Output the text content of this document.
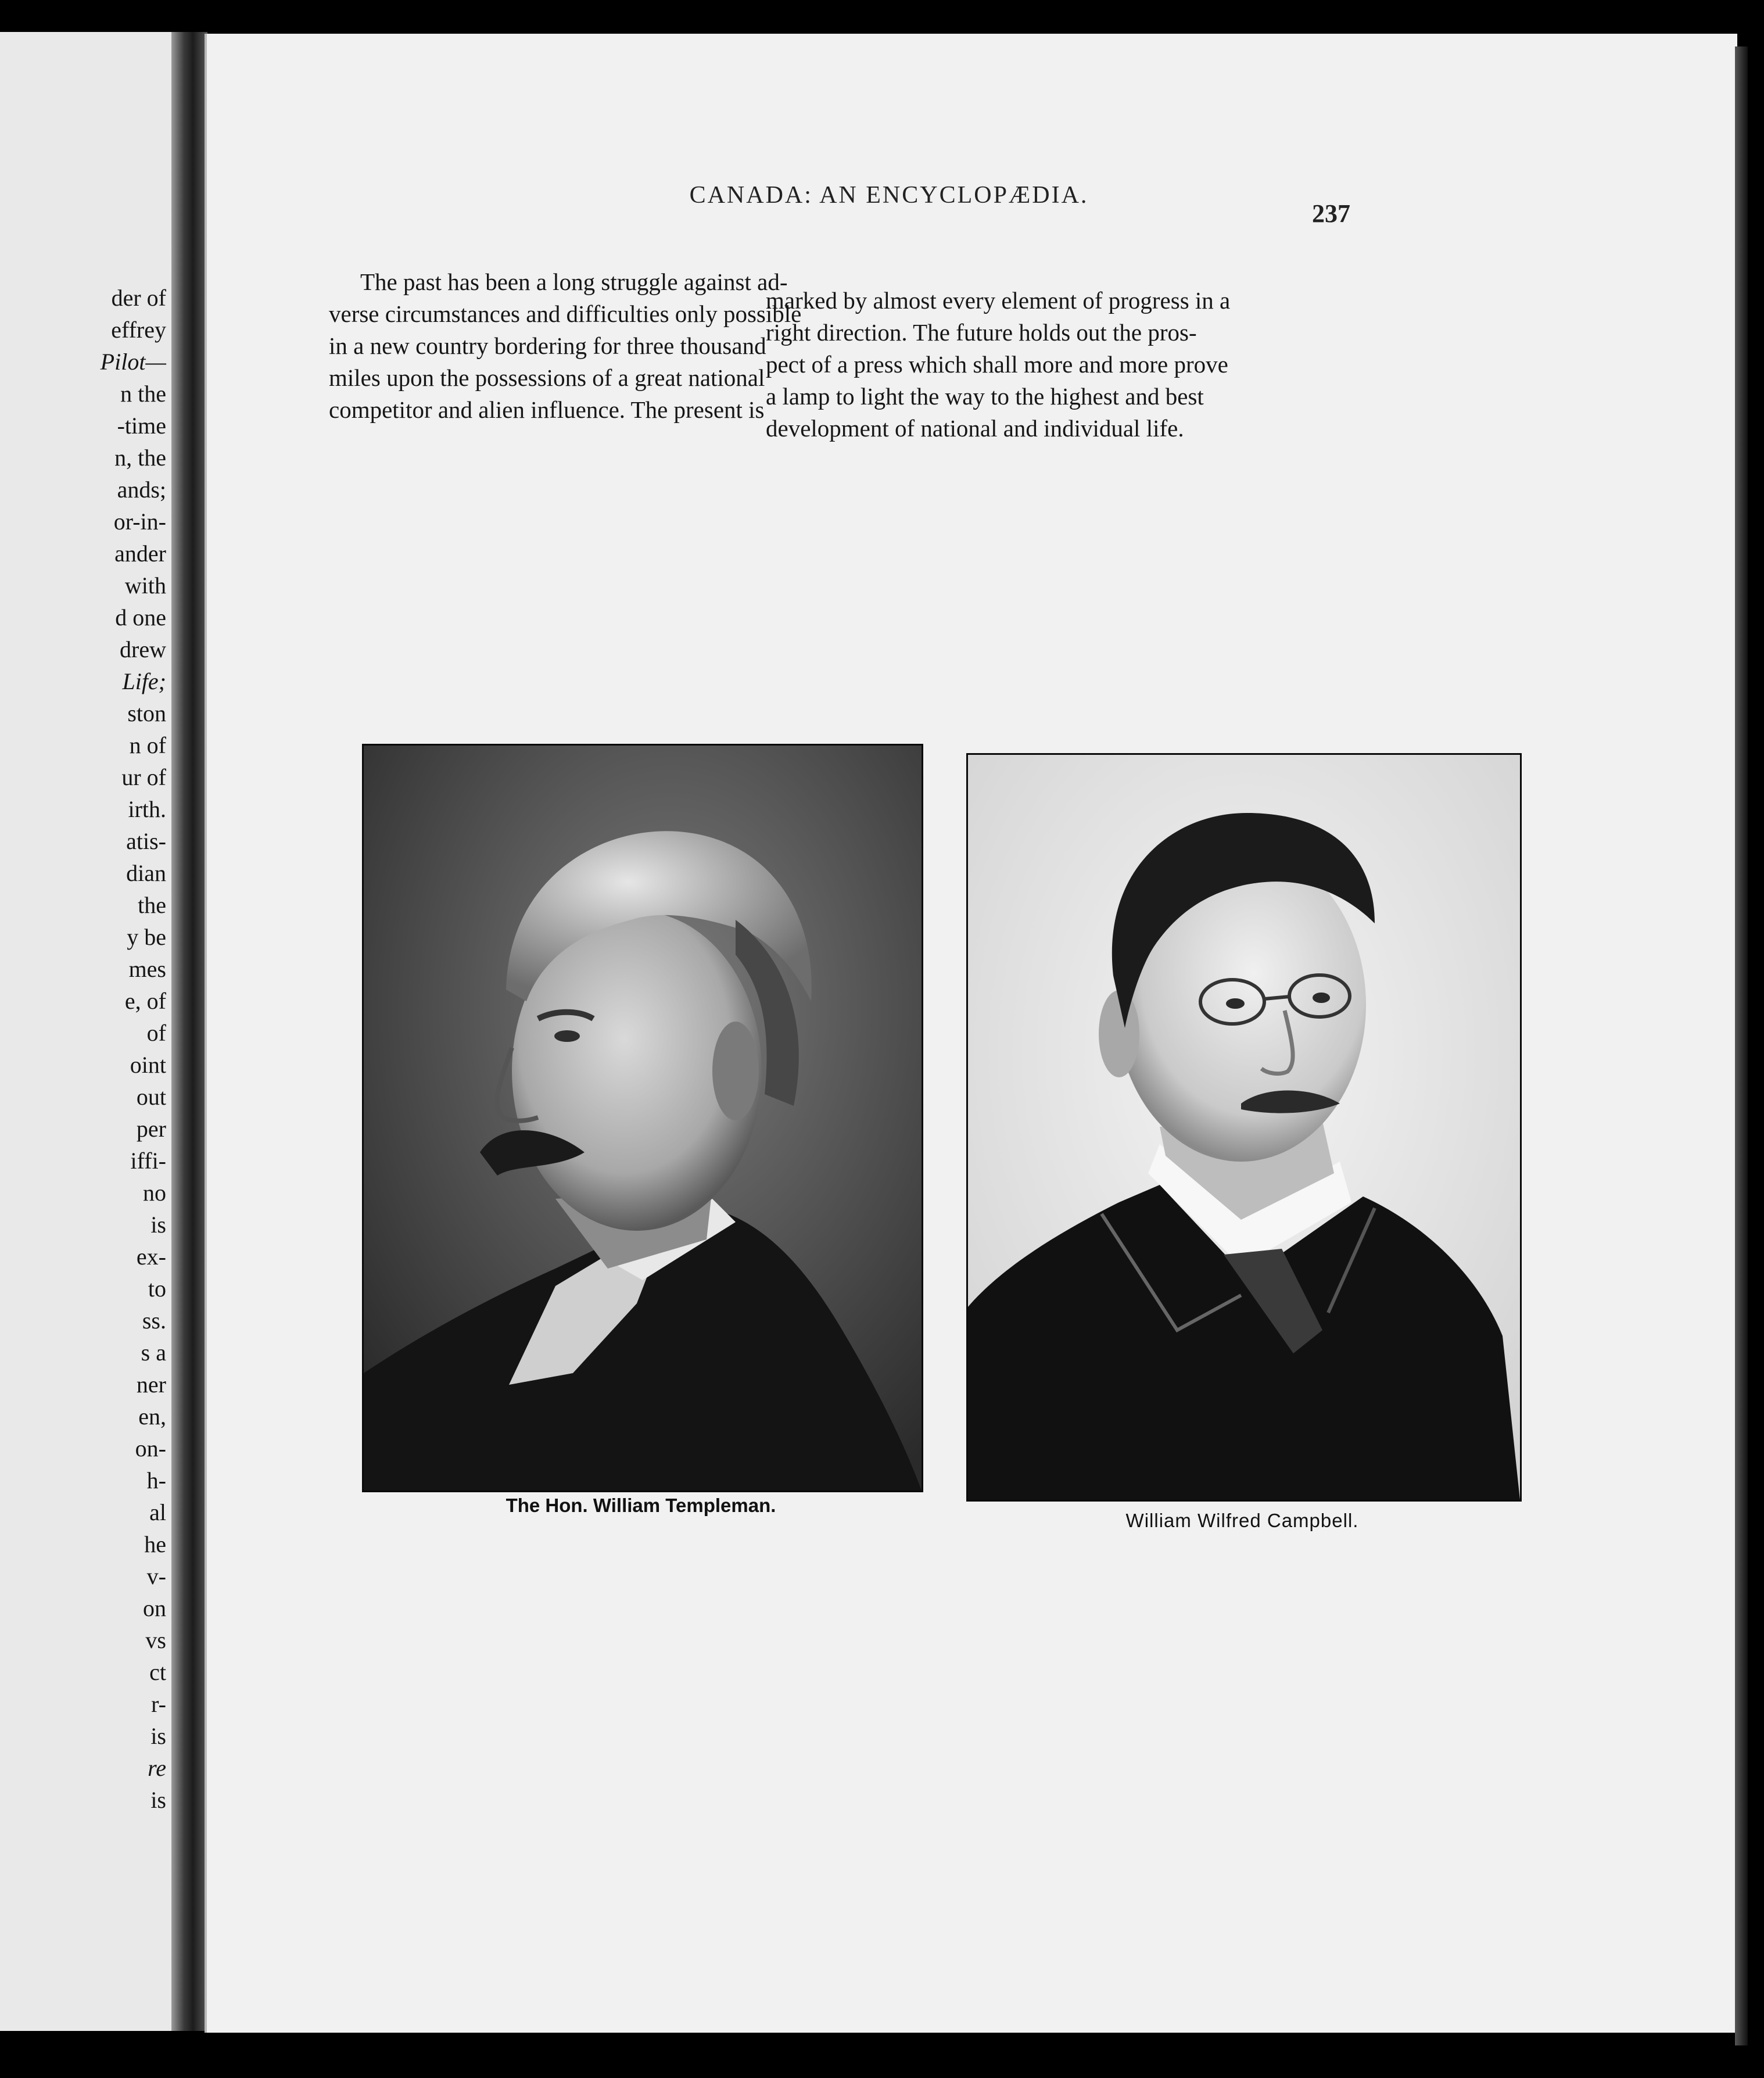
der of
effrey
Pilot—
n the
-time
n, the
ands;
or-in-
ander
with
d one
drew
Life;
ston
n of
ur of
irth.
atis-
dian
the
y be
mes
e, of
of
oint
out
per
iffi-
no
is
ex-
to
ss.
s a
ner
en,
on-
h-
al
he
v-
on
vs
ct
r-
is
re
is
CANADA: AN ENCYCLOPÆDIA.
237
The past has been a long struggle against ad-
verse circumstances and difficulties only possible
in a new country bordering for three thousand
miles upon the possessions of a great national
competitor and alien influence. The present is
marked by almost every element of progress in a
right direction. The future holds out the pros-
pect of a press which shall more and more prove
a lamp to light the way to the highest and best
development of national and individual life.
The Hon. William Templeman.
William Wilfred Campbell.
